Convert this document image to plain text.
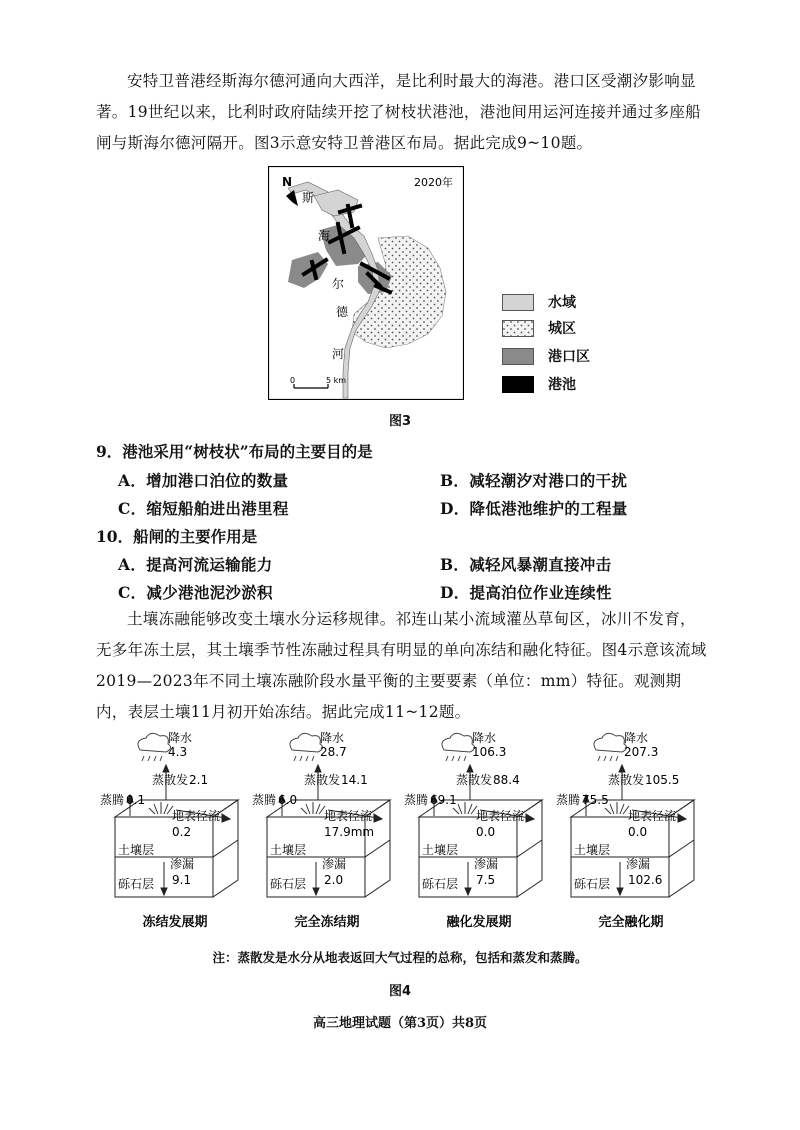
安特卫普港经斯海尔德河通向大西洋，是比利时最大的海港。港口区受潮汐影响显著。19世纪以来，比利时政府陆续开挖了树枝状港池，港池间用运河连接并通过多座船闸与斯海尔德河隔开。图3示意安特卫普港区布局。据此完成9~10题。
N	2020年
斯
海
尔
德
河
0	5 km
水域
城区
港口区
港池
图3
9．港池采用“树枝状”布局的主要目的是
A．增加港口泊位的数量	B．减轻潮汐对港口的干扰
C．缩短船舶进出港里程	D．降低港池维护的工程量
10．船闸的主要作用是
A．提高河流运输能力	B．减轻风暴潮直接冲击
C．减少港池泥沙淤积	D．提高泊位作业连续性
土壤冻融能够改变土壤水分运移规律。祁连山某小流域灌丛草甸区，冰川不发育，无多年冻土层，其土壤季节性冻融过程具有明显的单向冻结和融化特征。图4示意该流域2019—2023年不同土壤冻融阶段水量平衡的主要要素（单位：mm）特征。观测期内，表层土壤11月初开始冻结。据此完成11~12题。
降水
4.3
蒸散发 2.1
蒸腾 0.1
地表径流
0.2
土壤层
渗漏
9.1
砾石层
冻结发展期
降水
28.7
蒸散发 14.1
蒸腾 6.0
地表径流
17.9mm
土壤层
渗漏
2.0
砾石层
完全冻结期
降水
106.3
蒸散发 88.4
蒸腾 69.1
地表径流
0.0
土壤层
渗漏
7.5
砾石层
融化发展期
降水
207.3
蒸散发 105.5
蒸腾 75.5
地表径流
0.0
土壤层
渗漏
102.6
砾石层
完全融化期
注：蒸散发是水分从地表返回大气过程的总称，包括和蒸发和蒸腾。
图4
高三地理试题（第3页）共8页
